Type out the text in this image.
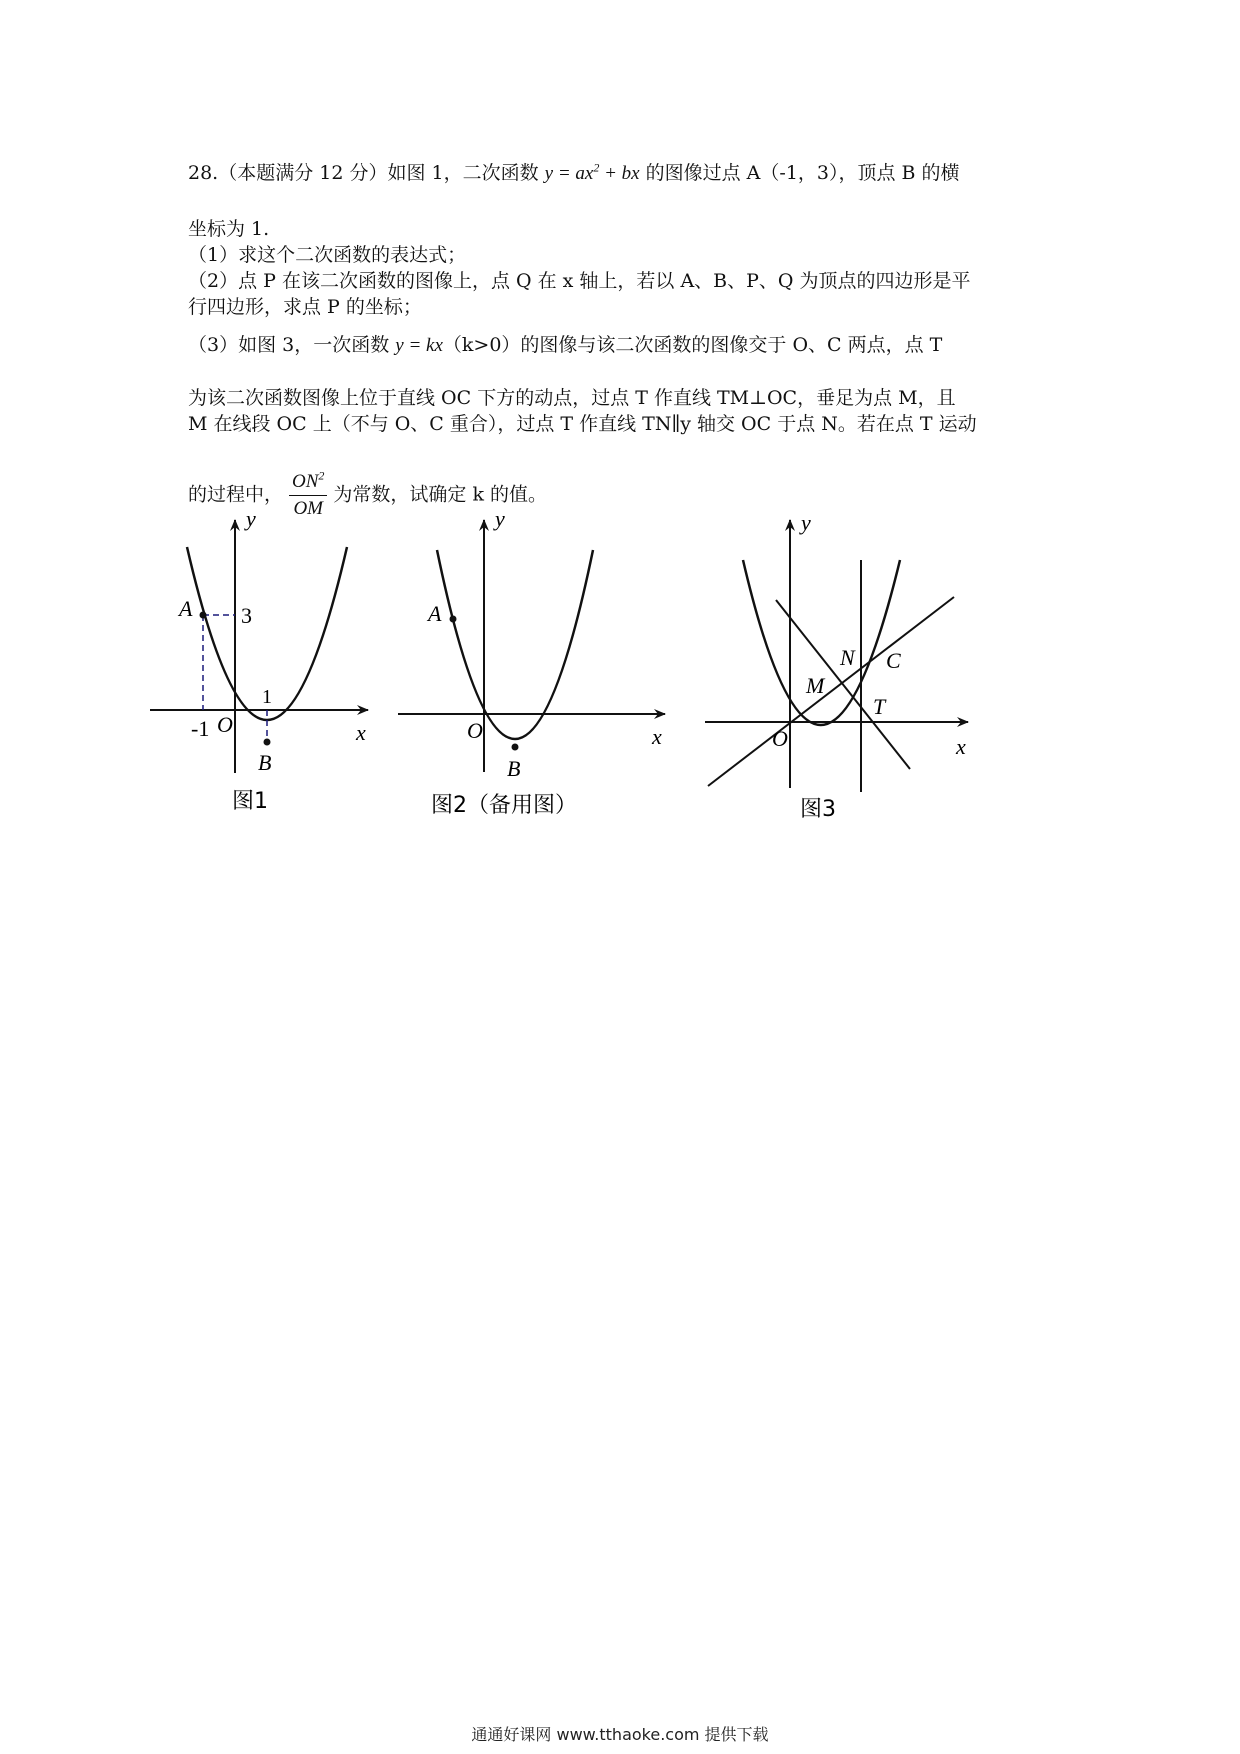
28.（本题满分 12 分）如图 1，二次函数 $y = ax^2$ + bx 的图像过点 A（-1，3），顶点 B 的横

坐标为 1.

（1）求这个二次函数的表达式；

（2）点 P 在该二次函数的图像上，点 Q 在 x 轴上，若以 A、B、P、Q 为顶点的四边形是平

行四边形，求点 P 的坐标；

（3）如图 3，一次函数 y = kx（k>0）的图像与该二次函数的图像交于 O、C 两点，点 T

为该二次函数图像上位于直线 OC 下方的动点，过点 T 作直线 TM⊥OC，垂足为点 M，且

M 在线段 OC 上（不与 O、C 重合），过点 T 作直线 TN∥y 轴交 OC 于点 N。若在点 T 运动

的过程中， $\frac{ON^2}{OM}$ 为常数，试确定 k 的值。

y
x
A 3
1
-1 O
B
图1
y
x
A
O
B
图2（备用图）
y
x
O
N C
M
T
图3
通通好课网 www.tthaoke.com 提供下载
